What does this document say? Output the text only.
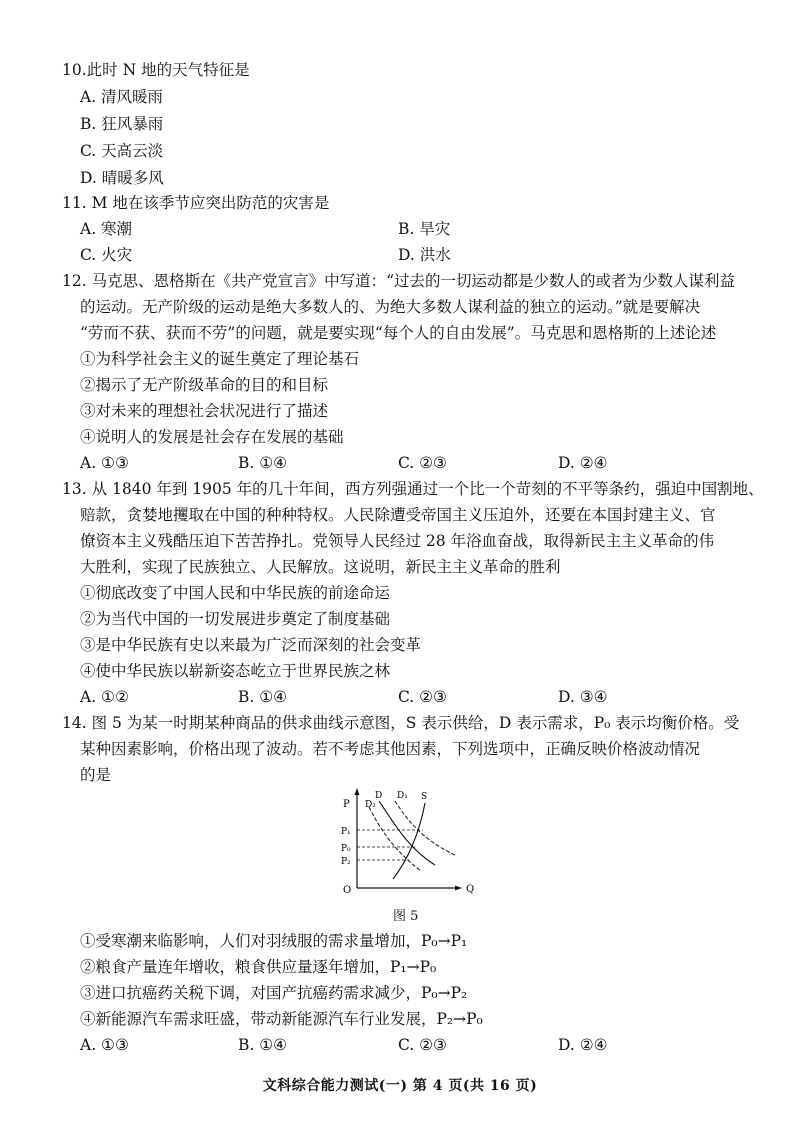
10.此时 N 地的天气特征是
A. 清风暖雨
B. 狂风暴雨
C. 天高云淡
D. 晴暖多风
11. M 地在该季节应突出防范的灾害是
A. 寒潮	B. 旱灾
C. 火灾	D. 洪水
12. 马克思、恩格斯在《共产党宣言》中写道：“过去的一切运动都是少数人的或者为少数人谋利益
的运动。无产阶级的运动是绝大多数人的、为绝大多数人谋利益的独立的运动。”就是要解决
“劳而不获、获而不劳”的问题，就是要实现“每个人的自由发展”。马克思和恩格斯的上述论述
①为科学社会主义的诞生奠定了理论基石
②揭示了无产阶级革命的目的和目标
③对未来的理想社会状况进行了描述
④说明人的发展是社会存在发展的基础
A. ①③	B. ①④	C. ②③	D. ②④
13. 从 1840 年到 1905 年的几十年间，西方列强通过一个比一个苛刻的不平等条约，强迫中国割地、
赔款，贪婪地攫取在中国的种种特权。人民除遭受帝国主义压迫外，还要在本国封建主义、官
僚资本主义残酷压迫下苦苦挣扎。党领导人民经过 28 年浴血奋战，取得新民主主义革命的伟
大胜利，实现了民族独立、人民解放。这说明，新民主主义革命的胜利
①彻底改变了中国人民和中华民族的前途命运
②为当代中国的一切发展进步奠定了制度基础
③是中华民族有史以来最为广泛而深刻的社会变革
④使中华民族以崭新姿态屹立于世界民族之林
A. ①②	B. ①④	C. ②③	D. ③④
14. 图 5 为某一时期某种商品的供求曲线示意图，S 表示供给，D 表示需求，P₀ 表示均衡价格。受
某种因素影响，价格出现了波动。若不考虑其他因素，下列选项中，正确反映价格波动情况
的是
P
Q
O
P₁
P₀
P₂
D D₁
D₂
S
图 5
①受寒潮来临影响，人们对羽绒服的需求量增加，P₀→P₁
②粮食产量连年增收，粮食供应量逐年增加，P₁→P₀
③进口抗癌药关税下调，对国产抗癌药需求减少，P₀→P₂
④新能源汽车需求旺盛，带动新能源汽车行业发展，P₂→P₀
A. ①③	B. ①④	C. ②③	D. ②④
文科综合能力测试(一) 第 4 页(共 16 页)
